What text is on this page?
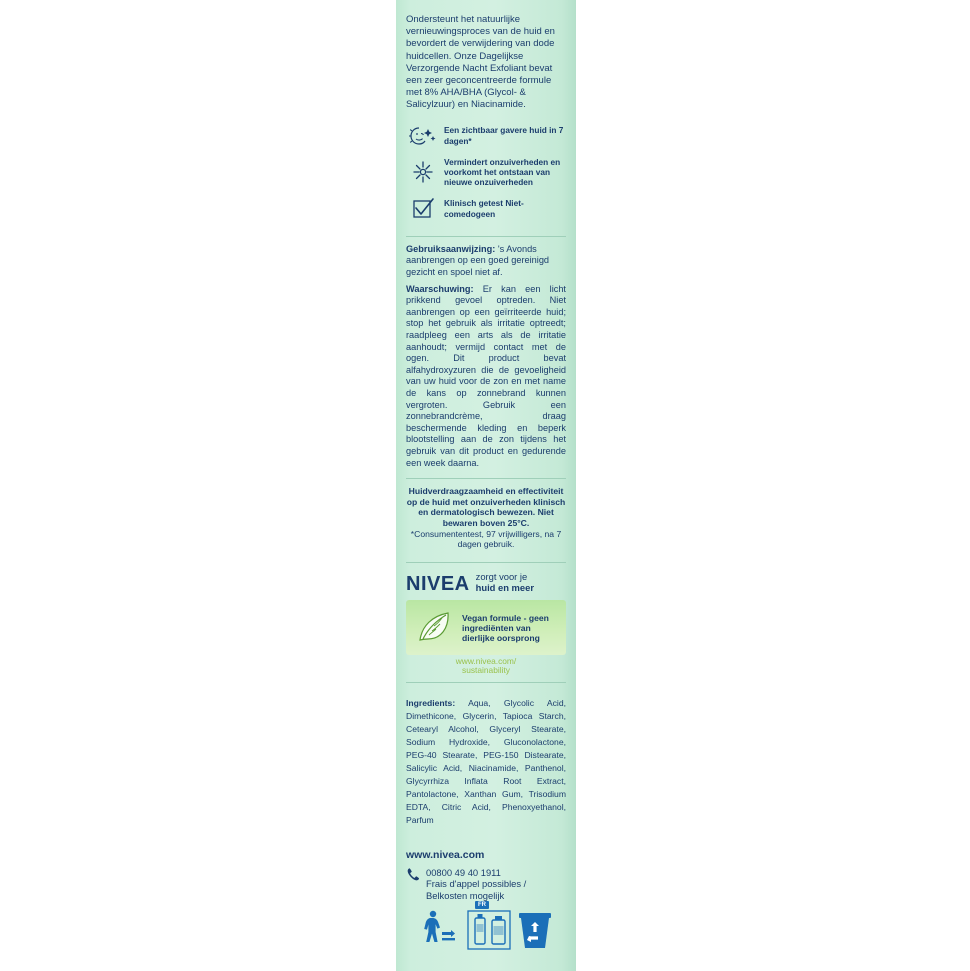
Ondersteunt het natuurlijke vernieuwingsproces van de huid en bevordert de verwijdering van dode huidcellen. Onze Dagelijkse Verzorgende Nacht Exfoliant bevat een zeer geconcentreerde formule met 8% AHA/BHA (Glycol- & Salicylzuur) en Niacinamide.
Een zichtbaar gavere huid in 7 dagen*
Vermindert onzuiverheden en voorkomt het ontstaan van nieuwe onzuiverheden
Klinisch getest Niet-comedogeen
Gebruiksaanwijzing: 's Avonds aanbrengen op een goed gereinigd gezicht en spoel niet af.
Waarschuwing: Er kan een licht prikkend gevoel optreden. Niet aanbrengen op een geïrriteerde huid; stop het gebruik als irritatie optreedt; raadpleeg een arts als de irritatie aanhoudt; vermijd contact met de ogen. Dit product bevat alfahydroxyzuren die de gevoeligheid van uw huid voor de zon en met name de kans op zonnebrand kunnen vergroten. Gebruik een zonnebrandcrème, draag beschermende kleding en beperk blootstelling aan de zon tijdens het gebruik van dit product en gedurende een week daarna.
Huidverdraagzaamheid en effectiviteit op de huid met onzuiverheden klinisch en dermatologisch bewezen. Niet bewaren boven 25°C. *Consumententest, 97 vrijwilligers, na 7 dagen gebruik.
NIVEA zorgt voor je
huid en meer
Vegan formule - geen ingrediënten van dierlijke oorsprong
www.nivea.com/
sustainability
Ingredients: Aqua, Glycolic Acid, Dimethicone, Glycerin, Tapioca Starch, Cetearyl Alcohol, Glyceryl Stearate, Sodium Hydroxide, Gluconolactone, PEG-40 Stearate, PEG-150 Distearate, Salicylic Acid, Niacinamide, Panthenol, Glycyrrhiza Inflata Root Extract, Pantolactone, Xanthan Gum, Trisodium EDTA, Citric Acid, Phenoxyethanol, Parfum
www.nivea.com
00800 49 40 1911
Frais d'appel possibles /
Belkosten mogelijk
FR
